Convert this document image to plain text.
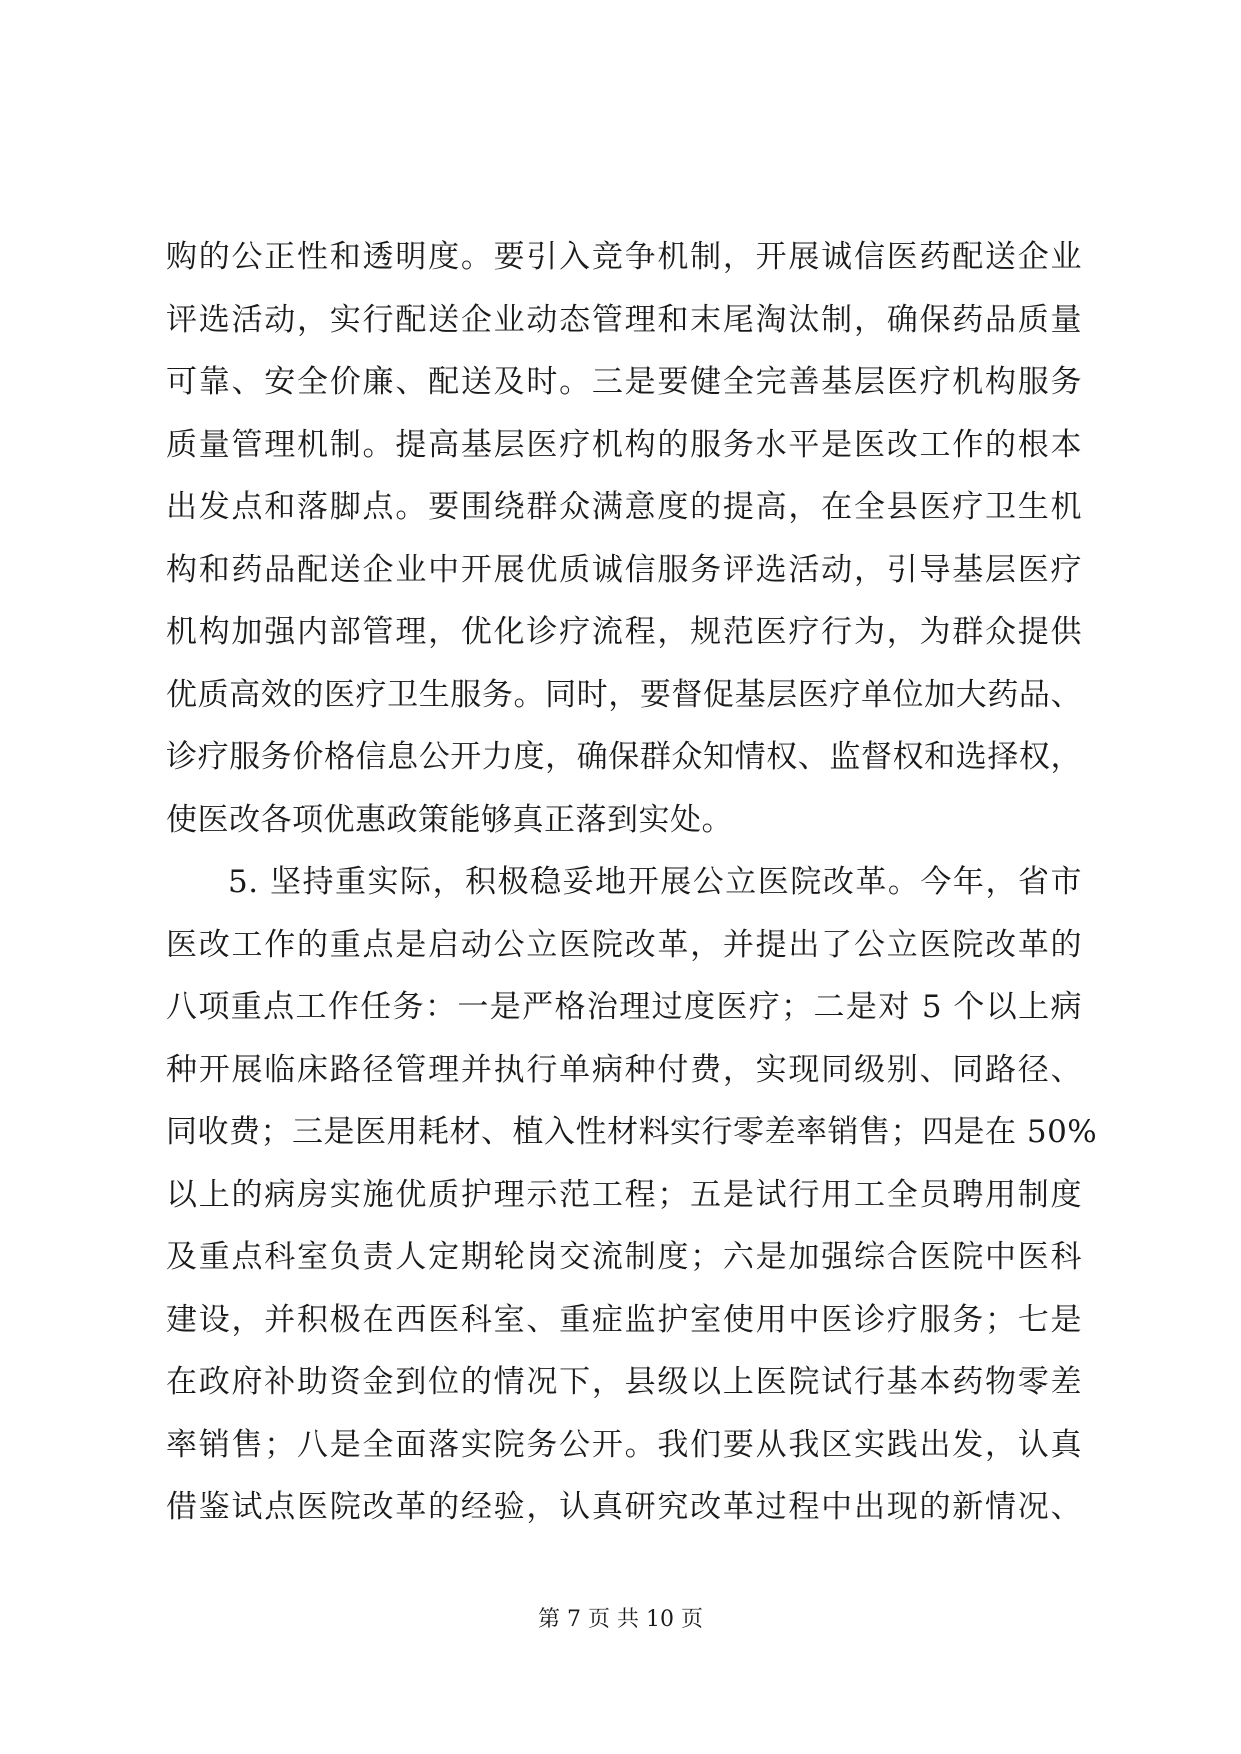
购的公正性和透明度。要引入竞争机制，开展诚信医药配送企业
评选活动，实行配送企业动态管理和末尾淘汰制，确保药品质量
可靠、安全价廉、配送及时。三是要健全完善基层医疗机构服务
质量管理机制。提高基层医疗机构的服务水平是医改工作的根本
出发点和落脚点。要围绕群众满意度的提高，在全县医疗卫生机
构和药品配送企业中开展优质诚信服务评选活动，引导基层医疗
机构加强内部管理，优化诊疗流程，规范医疗行为，为群众提供
优质高效的医疗卫生服务。同时，要督促基层医疗单位加大药品、
诊疗服务价格信息公开力度，确保群众知情权、监督权和选择权，
使医改各项优惠政策能够真正落到实处。
5. 坚持重实际，积极稳妥地开展公立医院改革。今年，省市
医改工作的重点是启动公立医院改革，并提出了公立医院改革的
八项重点工作任务：一是严格治理过度医疗；二是对 5 个以上病
种开展临床路径管理并执行单病种付费，实现同级别、同路径、
同收费；三是医用耗材、植入性材料实行零差率销售；四是在 50%
以上的病房实施优质护理示范工程；五是试行用工全员聘用制度
及重点科室负责人定期轮岗交流制度；六是加强综合医院中医科
建设，并积极在西医科室、重症监护室使用中医诊疗服务；七是
在政府补助资金到位的情况下，县级以上医院试行基本药物零差
率销售；八是全面落实院务公开。我们要从我区实践出发，认真
借鉴试点医院改革的经验，认真研究改革过程中出现的新情况、
第 7 页 共 10 页
